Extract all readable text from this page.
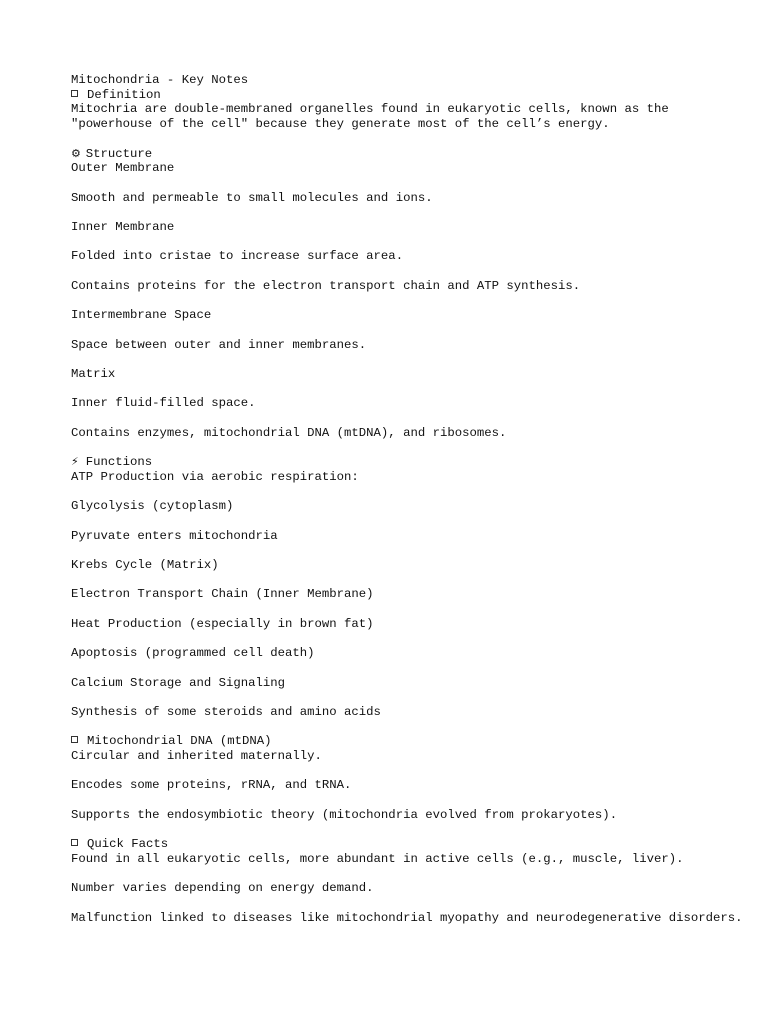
Mitochondria - Key Notes
Definition
Mitochria are double-membraned organelles found in eukaryotic cells, known as the "powerhouse of the cell" because they generate most of the cell’s energy.
⚙ Structure
Outer Membrane
Smooth and permeable to small molecules and ions.
Inner Membrane
Folded into cristae to increase surface area.
Contains proteins for the electron transport chain and ATP synthesis.
Intermembrane Space
Space between outer and inner membranes.
Matrix
Inner fluid-filled space.
Contains enzymes, mitochondrial DNA (mtDNA), and ribosomes.
⚡ Functions
ATP Production via aerobic respiration:
Glycolysis (cytoplasm)
Pyruvate enters mitochondria
Krebs Cycle (Matrix)
Electron Transport Chain (Inner Membrane)
Heat Production (especially in brown fat)
Apoptosis (programmed cell death)
Calcium Storage and Signaling
Synthesis of some steroids and amino acids
Mitochondrial DNA (mtDNA)
Circular and inherited maternally.
Encodes some proteins, rRNA, and tRNA.
Supports the endosymbiotic theory (mitochondria evolved from prokaryotes).
Quick Facts
Found in all eukaryotic cells, more abundant in active cells (e.g., muscle, liver).
Number varies depending on energy demand.
Malfunction linked to diseases like mitochondrial myopathy and neurodegenerative disorders.
